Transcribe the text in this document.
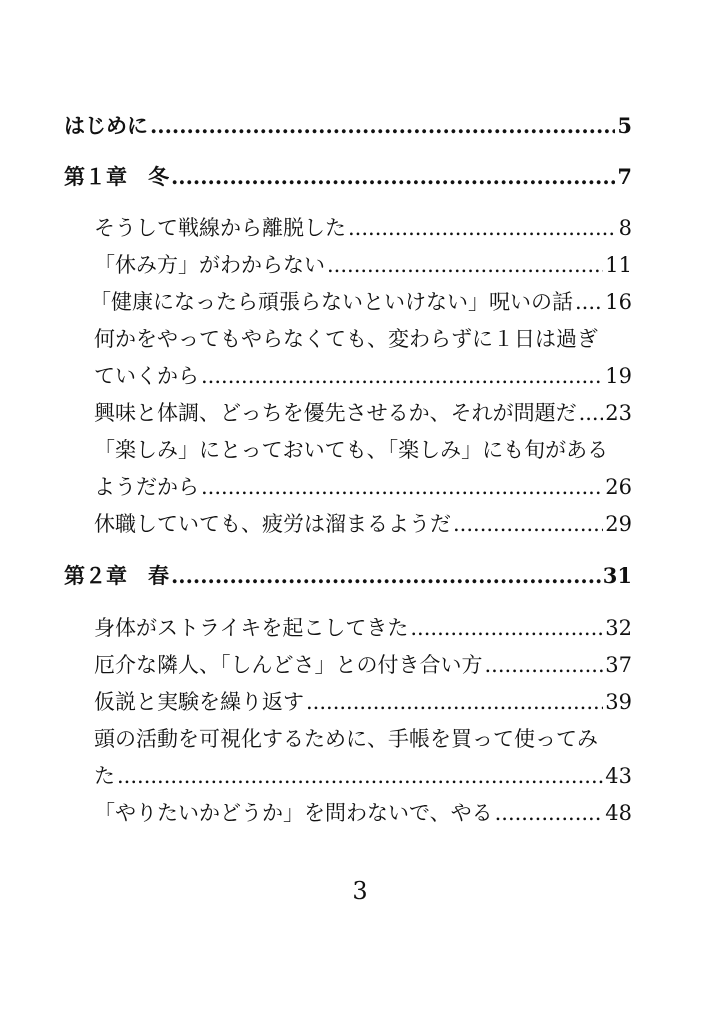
はじめに .....	5
第１章　冬 .....	7
そうして戦線から離脱した .....	8
「休み方」がわからない .....	11
「健康になったら頑張らないといけない」呪いの話 ..... 16
何かをやってもやらなくても、変わらずに１日は過ぎ
ていくから .....	19
興味と体調、どっちを優先させるか、それが問題だ ..... 23
「楽しみ」にとっておいても、「楽しみ」にも旬がある
ようだから .....	26
休職していても、疲労は溜まるようだ .....	29
第２章　春 .....	31
身体がストライキを起こしてきた .....	32
厄介な隣人、「しんどさ」との付き合い方 .....	37
仮説と実験を繰り返す .....	39
頭の活動を可視化するために、手帳を買って使ってみ
た .....	43
「やりたいかどうか」を問わないで、やる .....	48
3
